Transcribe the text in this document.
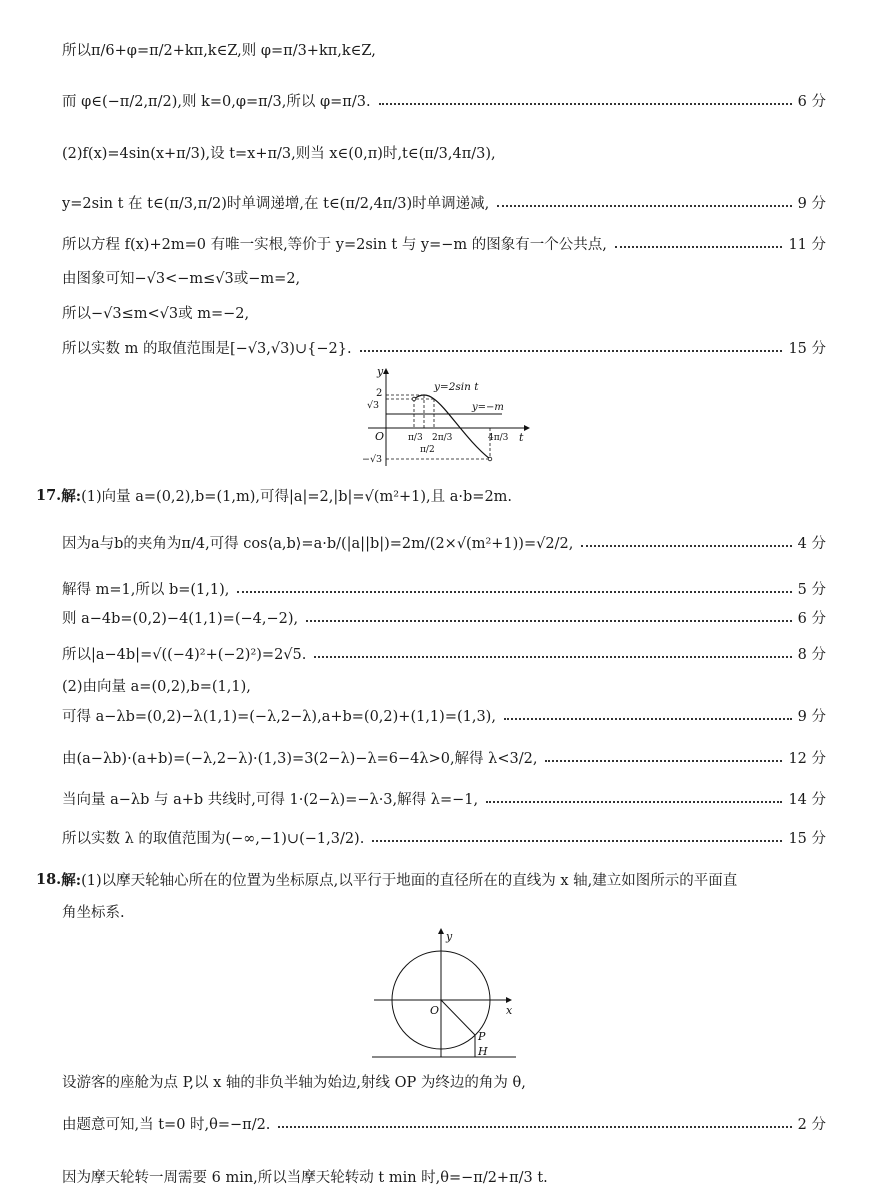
所以π/6+φ=π/2+kπ,k∈Z,则 φ=π/3+kπ,k∈Z,
而 φ∈(−π/2,π/2),则 k=0,φ=π/3,所以 φ=π/3.	6 分
(2)f(x)=4sin(x+π/3),设 t=x+π/3,则当 x∈(0,π)时,t∈(π/3,4π/3),
y=2sin t 在 t∈(π/3,π/2)时单调递增,在 t∈(π/2,4π/3)时单调递减,	9 分
所以方程 f(x)+2m=0 有唯一实根,等价于 y=2sin t 与 y=−m 的图象有一个公共点,	11 分
由图象可知−√3<−m≤√3或−m=2,
所以−√3≤m<√3或 m=−2,
所以实数 m 的取值范围是[−√3,√3)∪{−2}.	15 分
y
t
O
y=−m
y=2sin t
2
√3
−√3
π/3
π/2
2π/3	4π/3
17. 解: (1)向量 a=(0,2),b=(1,m),可得|a|=2,|b|=√(m²+1),且 a·b=2m.
因为a与b的夹角为π/4,可得 cos⟨a,b⟩=a·b/(|a||b|)=2m/(2×√(m²+1))=√2/2,	4 分
解得 m=1,所以 b=(1,1),	5 分
则 a−4b=(0,2)−4(1,1)=(−4,−2),	6 分
所以|a−4b|=√((−4)²+(−2)²)=2√5.	8 分
(2)由向量 a=(0,2),b=(1,1),
可得 a−λb=(0,2)−λ(1,1)=(−λ,2−λ),a+b=(0,2)+(1,1)=(1,3),	9 分
由(a−λb)·(a+b)=(−λ,2−λ)·(1,3)=3(2−λ)−λ=6−4λ>0,解得 λ<3/2,	12 分
当向量 a−λb 与 a+b 共线时,可得 1·(2−λ)=−λ·3,解得 λ=−1,	14 分
所以实数 λ 的取值范围为(−∞,−1)∪(−1,3/2).	15 分
18. 解: (1)以摩天轮轴心所在的位置为坐标原点,以平行于地面的直径所在的直线为 x 轴,建立如图所示的平面直
角坐标系.
y
x
O
P
H
设游客的座舱为点 P,以 x 轴的非负半轴为始边,射线 OP 为终边的角为 θ,
由题意可知,当 t=0 时,θ=−π/2.	2 分
因为摩天轮转一周需要 6 min,所以当摩天轮转动 t min 时,θ=−π/2+π/3 t.
